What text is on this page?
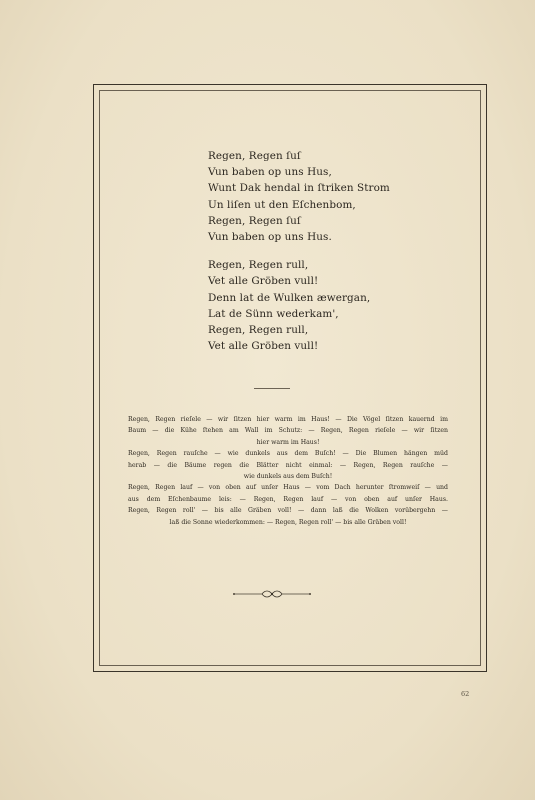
Regen, Regen ſuſ
Vun baben op uns Hus,
Wunt Dak hendal in ſtriken Strom
Un liſen ut den Eſchenbom,
Regen, Regen ſuſ
Vun baben op uns Hus.
Regen, Regen rull,
Vet alle Gröben vull!
Denn lat de Wulken æwergan,
Lat de Sünn wederkam',
Regen, Regen rull,
Vet alle Gröben vull!
Regen, Regen rieſele — wir ſitzen hier warm im Haus! — Die Vögel ſitzen kauernd im
Baum — die Kühe ſtehen am Wall im Schutz: — Regen, Regen rieſele — wir ſitzen
hier warm im Haus!
Regen, Regen rauſche — wie dunkels aus dem Buſch! — Die Blumen hängen müd
herab — die Bäume regen die Blätter nicht einmal: — Regen, Regen rauſche —
wie dunkels aus dem Buſch!
Regen, Regen lauf — von oben auf unſer Haus — vom Dach herunter ſtromweiſ — und
aus dem Eſchenbaume leis: — Regen, Regen lauf — von oben auf unſer Haus.
Regen, Regen roll' — bis alle Gräben voll! — dann laß die Wolken vorübergehn —
laß die Sonne wiederkommen: — Regen, Regen roll' — bis alle Gräben voll!
62
